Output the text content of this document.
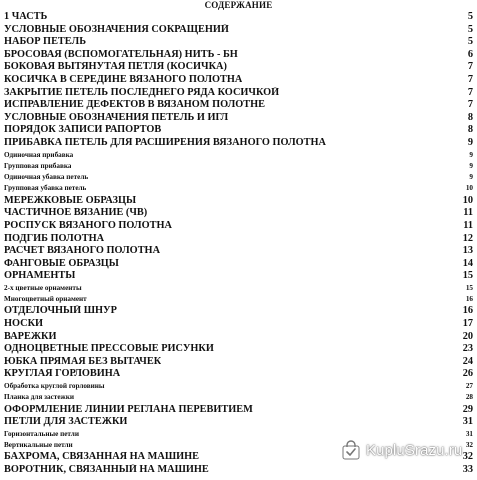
СОДЕРЖАНИЕ
1 ЧАСТЬ	5
УСЛОВНЫЕ ОБОЗНАЧЕНИЯ СОКРАЩЕНИЙ	5
НАБОР ПЕТЕЛЬ	5
БРОСОВАЯ (ВСПОМОГАТЕЛЬНАЯ) НИТЬ - БН	6
БОКОВАЯ ВЫТЯНУТАЯ ПЕТЛЯ (КОСИЧКА)	7
КОСИЧКА В СЕРЕДИНЕ ВЯЗАНОГО ПОЛОТНА	7
ЗАКРЫТИЕ ПЕТЕЛЬ ПОСЛЕДНЕГО РЯДА КОСИЧКОЙ	7
ИСПРАВЛЕНИЕ ДЕФЕКТОВ В ВЯЗАНОМ ПОЛОТНЕ	7
УСЛОВНЫЕ ОБОЗНАЧЕНИЯ ПЕТЕЛЬ И ИГЛ	8
ПОРЯДОК ЗАПИСИ РАПОРТОВ	8
ПРИБАВКА ПЕТЕЛЬ ДЛЯ РАСШИРЕНИЯ ВЯЗАНОГО ПОЛОТНА	9
Одиночная прибавка	9
Групповая прибавка	9
Одиночная убавка петель	9
Групповая убавка петель	10
МЕРЕЖКОВЫЕ ОБРАЗЦЫ	10
ЧАСТИЧНОЕ ВЯЗАНИЕ (ЧВ)	11
РОСПУСК ВЯЗАНОГО ПОЛОТНА	11
ПОДГИБ ПОЛОТНА	12
РАСЧЕТ ВЯЗАНОГО ПОЛОТНА	13
ФАНГОВЫЕ ОБРАЗЦЫ	14
ОРНАМЕНТЫ	15
2-х цветные орнаменты	15
Многоцветный орнамент	16
ОТДЕЛОЧНЫЙ ШНУР	16
НОСКИ	17
ВАРЕЖКИ	20
ОДНОЦВЕТНЫЕ ПРЕССОВЫЕ РИСУНКИ	23
ЮБКА ПРЯМАЯ БЕЗ ВЫТАЧЕК	24
КРУГЛАЯ ГОРЛОВИНА	26
Обработка круглой горловины	27
Планка для застежки	28
ОФОРМЛЕНИЕ ЛИНИИ РЕГЛАНА ПЕРЕВИТИЕМ	29
ПЕТЛИ ДЛЯ ЗАСТЕЖКИ	31
Горизонтальные петли	31
Вертикальные петли	32
БАХРОМА, СВЯЗАННАЯ НА МАШИНЕ	32
ВОРОТНИК, СВЯЗАННЫЙ НА МАШИНЕ	33
KupluSrazu.ru
